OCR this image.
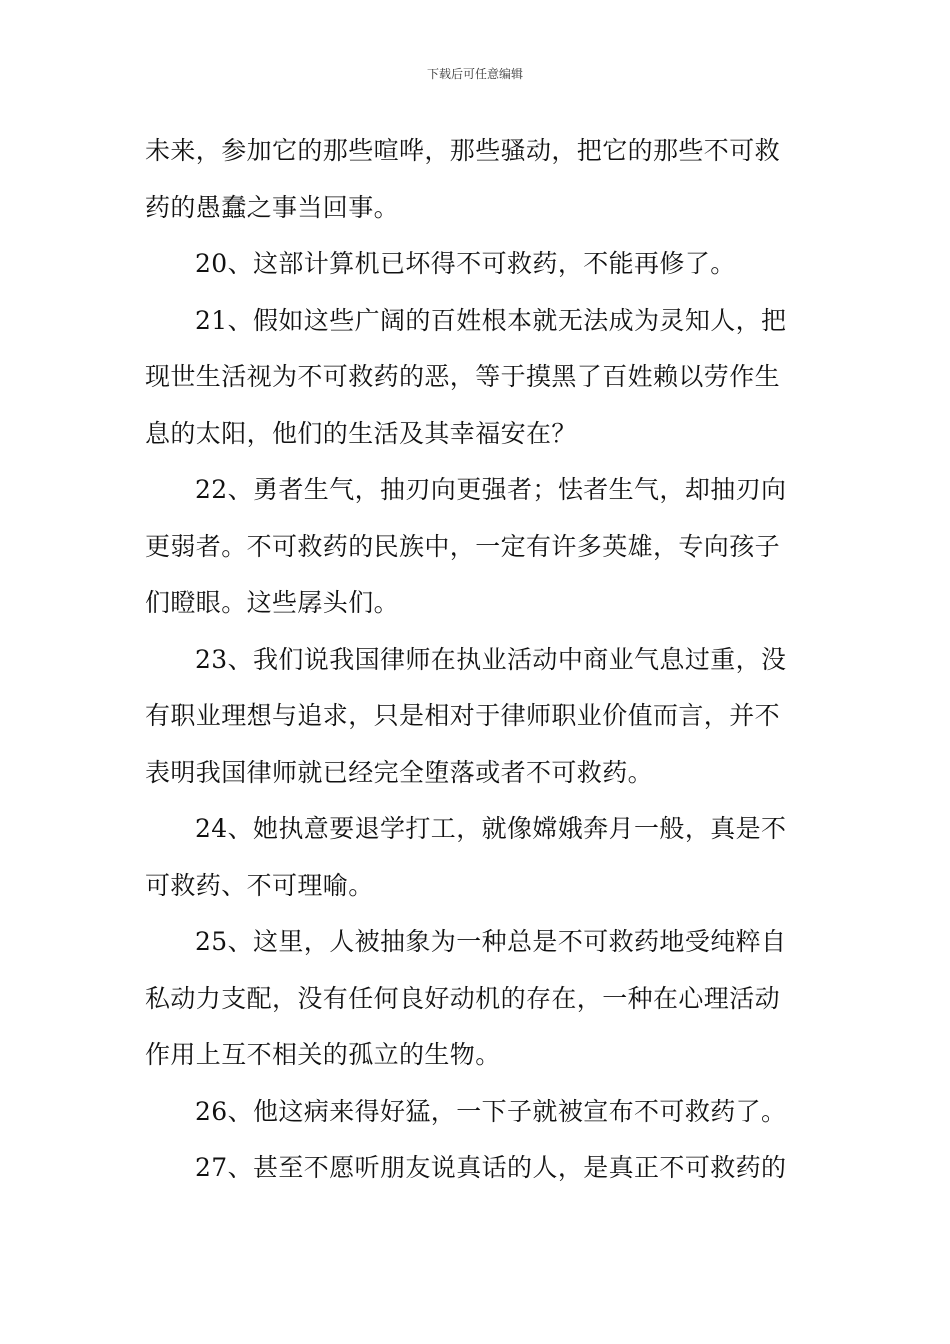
下载后可任意编辑
未来，参加它的那些喧哗，那些骚动，把它的那些不可救
药的愚蠢之事当回事。
20、这部计算机已坏得不可救药，不能再修了。
21、假如这些广阔的百姓根本就无法成为灵知人，把
现世生活视为不可救药的恶，等于摸黑了百姓赖以劳作生
息的太阳，他们的生活及其幸福安在？
22、勇者生气，抽刃向更强者；怯者生气，却抽刃向
更弱者。不可救药的民族中，一定有许多英雄，专向孩子
们瞪眼。这些孱头们。
23、我们说我国律师在执业活动中商业气息过重，没
有职业理想与追求，只是相对于律师职业价值而言，并不
表明我国律师就已经完全堕落或者不可救药。
24、她执意要退学打工，就像嫦娥奔月一般，真是不
可救药、不可理喻。
25、这里，人被抽象为一种总是不可救药地受纯粹自
私动力支配，没有任何良好动机的存在，一种在心理活动
作用上互不相关的孤立的生物。
26、他这病来得好猛，一下子就被宣布不可救药了。
27、甚至不愿听朋友说真话的人，是真正不可救药的
